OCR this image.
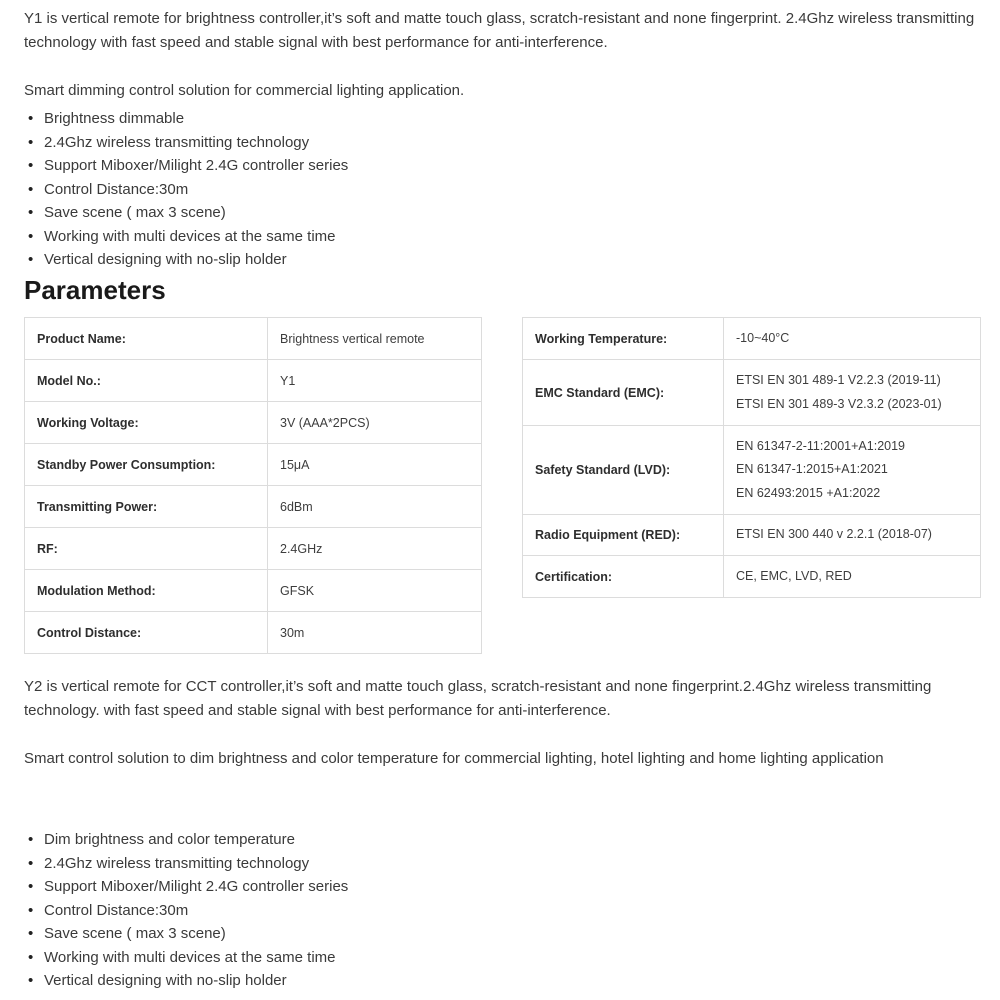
Y1 is vertical remote for brightness controller,it’s soft and matte touch glass, scratch-resistant and none fingerprint. 2.4Ghz wireless transmitting technology with fast speed and stable signal with best performance for anti-interference.

Smart dimming control solution for commercial lighting application.

• Brightness dimmable
• 2.4Ghz wireless transmitting technology
• Support Miboxer/Milight 2.4G controller series
• Control Distance:30m
• Save scene ( max 3 scene)
• Working with multi devices at the same time
• Vertical designing with no-slip holder
Parameters
Product Name:	Brightness vertical remote
Model No.:	Y1
Working Voltage:	3V (AAA*2PCS)
Standby Power Consumption:	15μA
Transmitting Power:	6dBm
RF:	2.4GHz
Modulation Method:	GFSK
Control Distance:	30m
Working Temperature:	-10~40°C

EMC Standard (EMC):	ETSI EN 301 489-1 V2.2.3 (2019-11)
ETSI EN 301 489-3 V2.3.2 (2023-01)

Safety Standard (LVD):	EN 61347-2-11:2001+A1:2019
EN 61347-1:2015+A1:2021
EN 62493:2015 +A1:2022

Radio Equipment (RED):	ETSI EN 300 440 v 2.2.1 (2018-07)

Certification:	CE, EMC, LVD, RED

Y2 is vertical remote for CCT controller,it’s soft and matte touch glass, scratch-resistant and none fingerprint.2.4Ghz wireless transmitting technology. with fast speed and stable signal with best performance for anti-interference.

Smart control solution to dim brightness and color temperature for commercial lighting, hotel lighting and home lighting application

• Dim brightness and color temperature
• 2.4Ghz wireless transmitting technology
• Support Miboxer/Milight 2.4G controller series
• Control Distance:30m
• Save scene ( max 3 scene)
• Working with multi devices at the same time
• Vertical designing with no-slip holder
